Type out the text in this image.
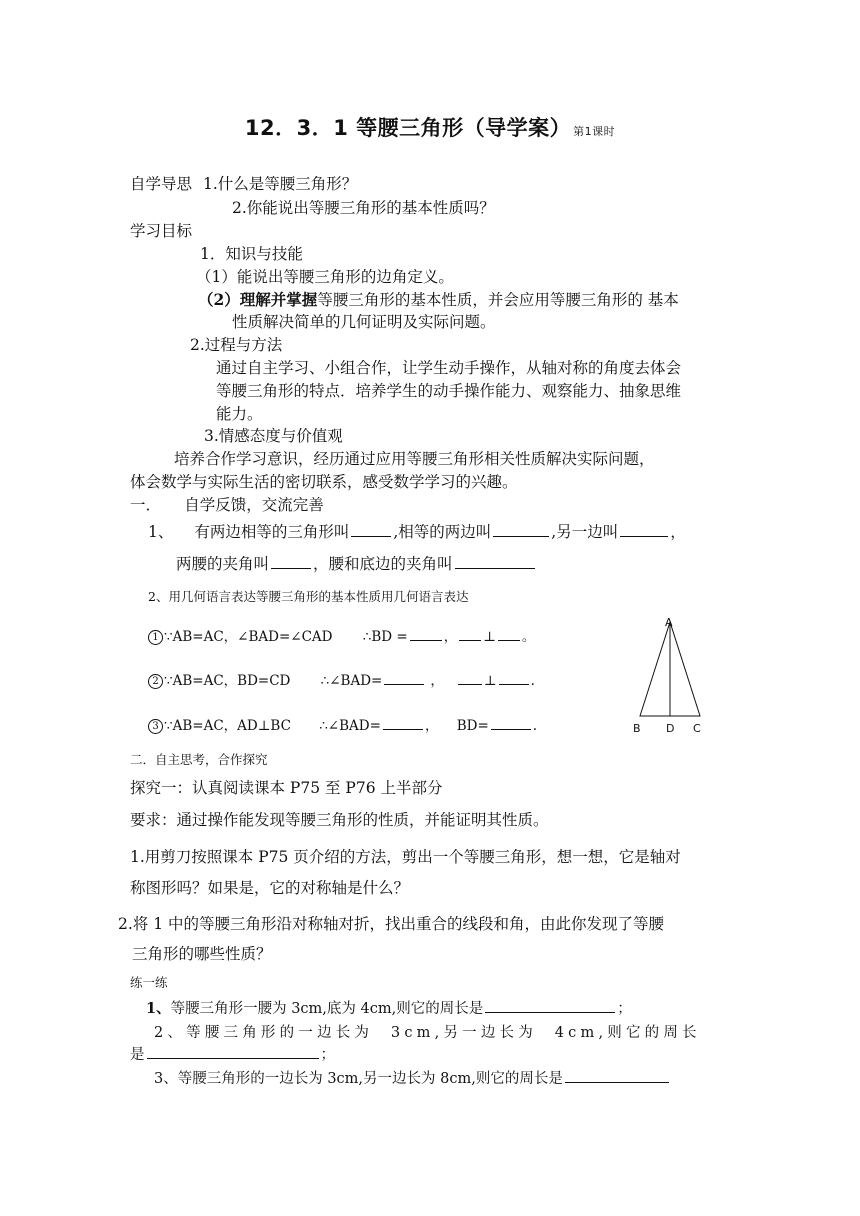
12．3．1 等腰三角形（导学案） 第1课时
自学导思 1.什么是等腰三角形？
2.你能说出等腰三角形的基本性质吗？
学习目标
1．知识与技能
（1）能说出等腰三角形的边角定义。
（2）理解并掌握等腰三角形的基本性质，并会应用等腰三角形的 基本
性质解决简单的几何证明及实际问题。
2.过程与方法
通过自主学习、小组合作，让学生动手操作，从轴对称的角度去体会
等腰三角形的特点．培养学生的动手操作能力、观察能力、抽象思维
能力。
3.情感态度与价值观
培养合作学习意识，经历通过应用等腰三角形相关性质解决实际问题，
体会数学与实际生活的密切联系，感受数学学习的兴趣。
一．　　自学反馈，交流完善
1、 有两边相等的三角形叫	,相等的两边叫	,另一边叫	，
两腰的夹角叫	，腰和底边的夹角叫
2、用几何语言表达等腰三角形的基本性质用几何语言表达
1 ∵AB=AC，∠BAD=∠CAD ∴BD =	， ⊥ 。
2 ∵AB=AC，BD=CD ∴∠BAD=	，	⊥	.
3 ∵AB=AC，AD⊥BC ∴∠BAD=	， BD=	.
A
B D C
二．自主思考，合作探究
探究一：认真阅读课本 P75 至 P76 上半部分
要求：通过操作能发现等腰三角形的性质，并能证明其性质。
1.用剪刀按照课本 P75 页介绍的方法，剪出一个等腰三角形，想一想，它是轴对
称图形吗？如果是，它的对称轴是什么？
2.将 1 中的等腰三角形沿对称轴对折，找出重合的线段和角，由此你发现了等腰
三角形的哪些性质？
练一练
1、等腰三角形一腰为 3cm,底为 4cm,则它的周长是	；
2、等腰三角形的一边长为 3cm,另一边长为 4cm,则它的周长
是	；
3、等腰三角形的一边长为 3cm,另一边长为 8cm,则它的周长是
